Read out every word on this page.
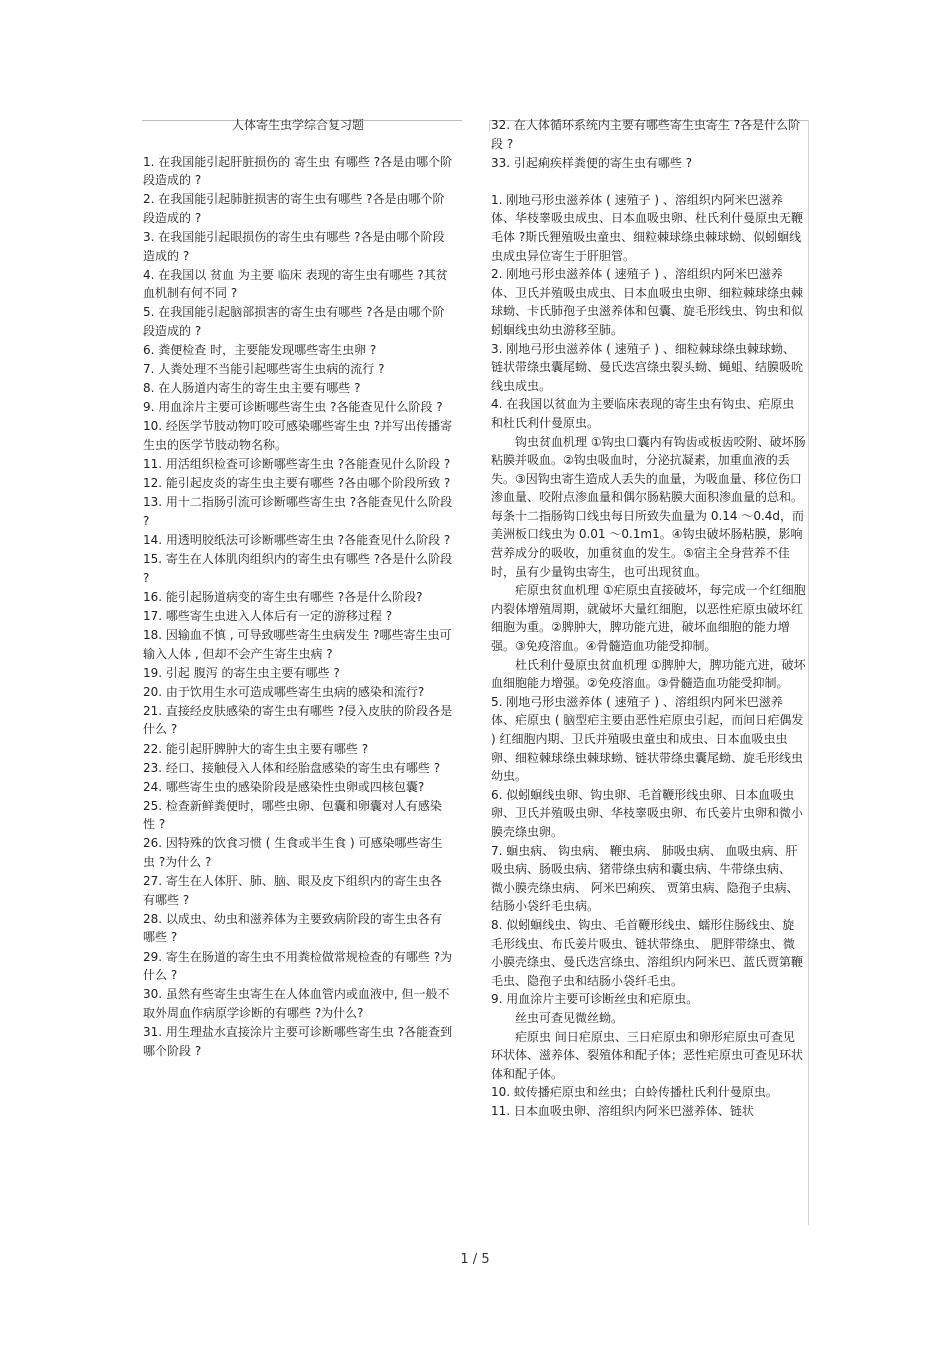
人体寄生虫学综合复习题
1. 在我国能引起肝脏损伤的 寄生虫 有哪些 ?各是由哪个阶段造成的 ?
2. 在我国能引起肺脏损害的寄生虫有哪些 ?各是由哪个阶段造成的 ?
3. 在我国能引起眼损伤的寄生虫有哪些 ?各是由哪个阶段造成的 ?
4. 在我国以 贫血 为主要 临床 表现的寄生虫有哪些 ?其贫血机制有何不同 ?
5. 在我国能引起脑部损害的寄生虫有哪些 ?各是由哪个阶段造成的 ?
6. 粪便检查 时，主要能发现哪些寄生虫卵 ?
7. 人粪处理不当能引起哪些寄生虫病的流行 ?
8. 在人肠道内寄生的寄生虫主要有哪些 ?
9. 用血涂片主要可诊断哪些寄生虫 ?各能查见什么阶段 ?
10. 经医学节肢动物叮咬可感染哪些寄生虫 ?并写出传播寄生虫的医学节肢动物名称。
11. 用活组织检查可诊断哪些寄生虫 ?各能查见什么阶段 ?
12. 能引起皮炎的寄生虫主要有哪些 ?各由哪个阶段所致 ?
13. 用十二指肠引流可诊断哪些寄生虫 ?各能查见什么阶段 ?
14. 用透明胶纸法可诊断哪些寄生虫 ?各能查见什么阶段 ?
15. 寄生在人体肌肉组织内的寄生虫有哪些 ?各是什么阶段 ?
16. 能引起肠道病变的寄生虫有哪些 ?各是什么阶段?
17. 哪些寄生虫进入人体后有一定的游移过程 ?
18. 因输血不慎 , 可导致哪些寄生虫病发生 ?哪些寄生虫可输入人体 , 但却不会产生寄生虫病 ?
19. 引起 腹泻 的寄生虫主要有哪些 ?
20. 由于饮用生水可造成哪些寄生虫病的感染和流行?
21. 直接经皮肤感染的寄生虫有哪些 ?侵入皮肤的阶段各是什么 ?
22. 能引起肝脾肿大的寄生虫主要有哪些 ?
23. 经口、接触侵入人体和经胎盘感染的寄生虫有哪些 ?
24. 哪些寄生虫的感染阶段是感染性虫卵或四核包囊?
25. 检查新鲜粪便时，哪些虫卵、包囊和卵囊对人有感染性 ?
26. 因特殊的饮食习惯 ( 生食或半生食 ) 可感染哪些寄生虫 ?为什么 ?
27. 寄生在人体肝、肺、脑、眼及皮下组织内的寄生虫各有哪些 ?
28. 以成虫、幼虫和滋养体为主要致病阶段的寄生虫各有哪些 ?
29. 寄生在肠道的寄生虫不用粪检做常规检查的有哪些 ?为什么 ?
30. 虽然有些寄生虫寄生在人体血管内或血液中, 但一般不取外周血作病原学诊断的有哪些 ?为什么?
31. 用生理盐水直接涂片主要可诊断哪些寄生虫 ?各能查到哪个阶段 ?
32. 在人体循环系统内主要有哪些寄生虫寄生 ?各是什么阶段 ?
33. 引起痢疾样粪便的寄生虫有哪些 ?
1. 刚地弓形虫滋养体 ( 速殖子 ) 、溶组织内阿米巴滋养体、华枝睾吸虫成虫、日本血吸虫卵、杜氏利什曼原虫无鞭毛体 ?斯氏狸殖吸虫童虫、细粒棘球绦虫棘球蚴、似蚓蛔线虫成虫异位寄生于肝胆管。
2. 刚地弓形虫滋养体 ( 速殖子 ) 、溶组织内阿米巴滋养体、卫氏并殖吸虫成虫、日本血吸虫虫卵、细粒棘球绦虫棘球蚴、卡氏肺孢子虫滋养体和包囊、旋毛形线虫、钩虫和似蚓蛔线虫幼虫游移至肺。
3. 刚地弓形虫滋养体 ( 速殖子 ) 、细粒棘球绦虫棘球蚴、链状带绦虫囊尾蚴、曼氏迭宫绦虫裂头蚴、蝇蛆、结膜吸吮线虫成虫。
4. 在我国以贫血为主要临床表现的寄生虫有钩虫、疟原虫和杜氏利什曼原虫。
钩虫贫血机理 ①钩虫口囊内有钩齿或板齿咬附、破坏肠粘膜并吸血。②钩虫吸血时，分泌抗凝素，加重血液的丢失。③因钩虫寄生造成人丢失的血量，为吸血量、移位伤口渗血量、咬附点渗血量和偶尔肠粘膜大面积渗血量的总和。每条十二指肠钩口线虫每日所致失血量为 0.14 ～0.4d，而美洲板口线虫为 0.01 ～0.1m1。④钩虫破坏肠粘膜，影响营养成分的吸收，加重贫血的发生。⑤宿主全身营养不佳时，虽有少量钩虫寄生，也可出现贫血。
疟原虫贫血机理 ①疟原虫直接破坏，每完成一个红细胞内裂体增殖周期，就破坏大量红细胞，以恶性疟原虫破坏红细胞为重。②脾肿大，脾功能亢进，破坏血细胞的能力增强。③免疫溶血。④骨髓造血功能受抑制。
杜氏利什曼原虫贫血机理 ①脾肿大，脾功能亢进，破坏血细胞能力增强。②免疫溶血。③骨髓造血功能受抑制。
5. 刚地弓形虫滋养体 ( 速殖子 ) 、溶组织内阿米巴滋养体、疟原虫 ( 脑型疟主要由恶性疟原虫引起，而间日疟偶发 ) 红细胞内期、卫氏并殖吸虫童虫和成虫、日本血吸虫虫卵、细粒棘球绦虫棘球蚴、链状带绦虫囊尾蚴、旋毛形线虫幼虫。
6. 似蚓蛔线虫卵、钩虫卵、毛首鞭形线虫卵、日本血吸虫卵、卫氏并殖吸虫卵、华枝睾吸虫卵、布氏姜片虫卵和微小膜壳绦虫卵。
7. 蛔虫病、 钩虫病、 鞭虫病、 肺吸虫病、 血吸虫病、肝吸虫病、肠吸虫病、猪带绦虫病和囊虫病、牛带绦虫病、 微小膜壳绦虫病、 阿米巴痢疾、 贾第虫病、隐孢子虫病、结肠小袋纤毛虫病。
8. 似蚓蛔线虫、钩虫、毛首鞭形线虫、蠕形住肠线虫、旋毛形线虫、布氏姜片吸虫、链状带绦虫、 肥胖带绦虫、微小膜壳绦虫、曼氏迭宫绦虫、溶组织内阿米巴、蓝氏贾第鞭毛虫、隐孢子虫和结肠小袋纤毛虫。
9. 用血涂片主要可诊断丝虫和疟原虫。
丝虫可查见微丝蚴。
疟原虫 间日疟原虫、三日疟原虫和卵形疟原虫可查见环状体、滋养体、裂殖体和配子体；恶性疟原虫可查见环状体和配子体。
10. 蚊传播疟原虫和丝虫；白蛉传播杜氏利什曼原虫。
11. 日本血吸虫卵、溶组织内阿米巴滋养体、链状
1 / 5
